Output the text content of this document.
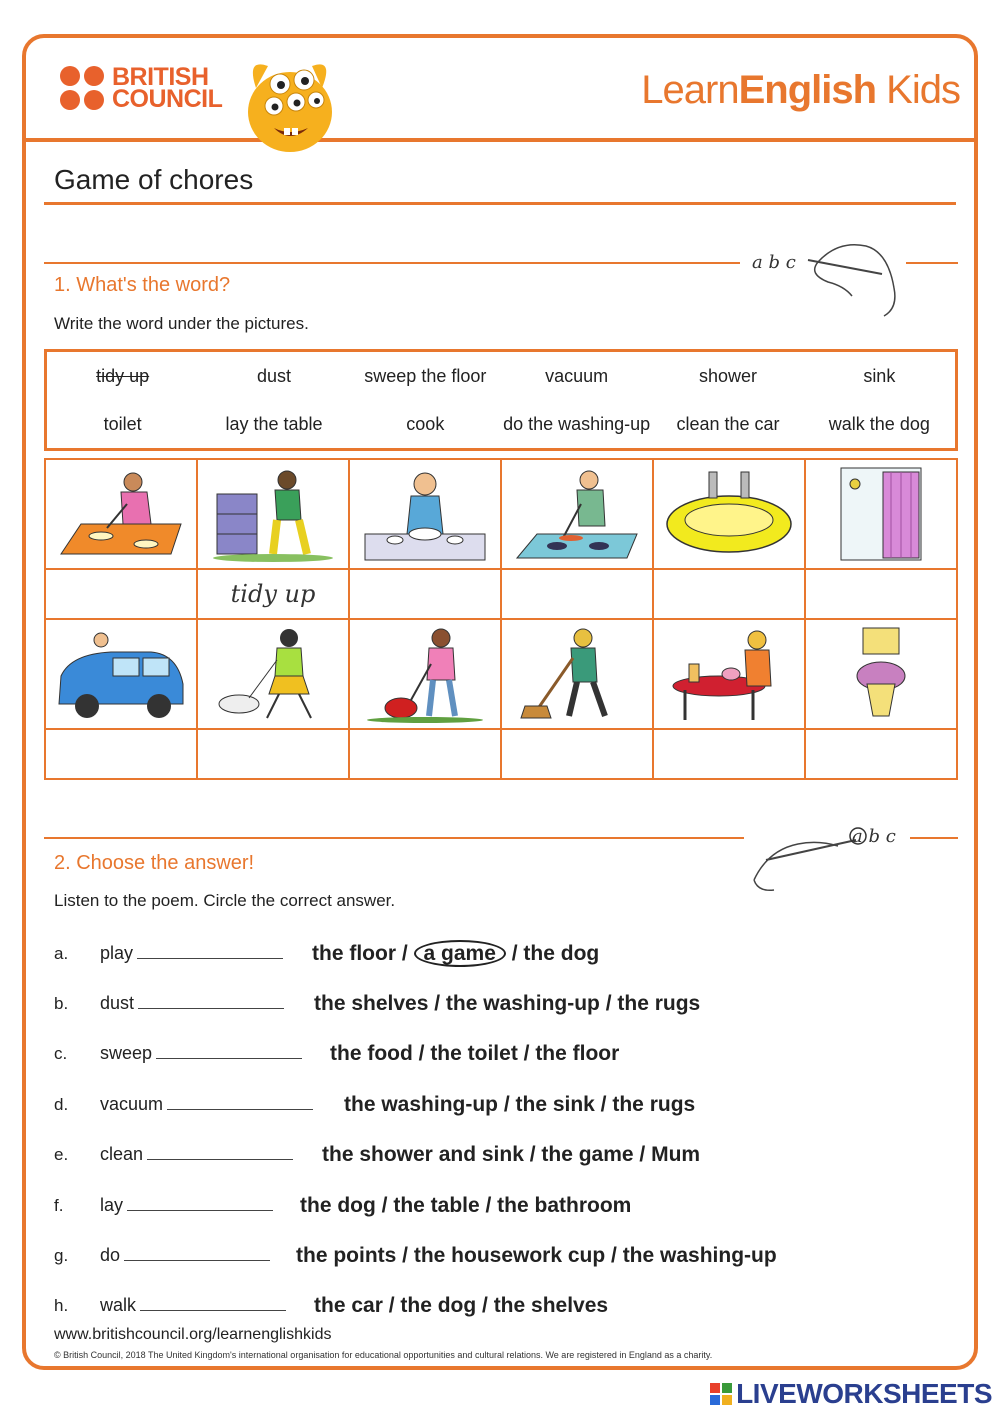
BRITISH
COUNCIL	LearnEnglish Kids
Game of chores
a b c
1. What's the word?
Write the word under the pictures.
tidy up	dust	sweep the floor	vacuum	shower	sink
toilet	lay the table	cook	do the washing-up	clean the car	walk the dog

	tidy up				

a b c
2. Choose the answer!
Listen to the poem. Circle the correct answer.
a. play	the floor / a game / the dog
b. dust	the shelves / the washing-up / the rugs
c. sweep	the food / the toilet / the floor
d. vacuum	the washing-up / the sink / the rugs
e. clean	the shower and sink / the game / Mum
f. lay	the dog / the table / the bathroom
g. do	the points / the housework cup / the washing-up
h. walk	the car / the dog / the shelves
www.britishcouncil.org/learnenglishkids
© British Council, 2018 The United Kingdom's international organisation for educational opportunities and cultural relations. We are registered in England as a charity.
LIVEWORKSHEETS
